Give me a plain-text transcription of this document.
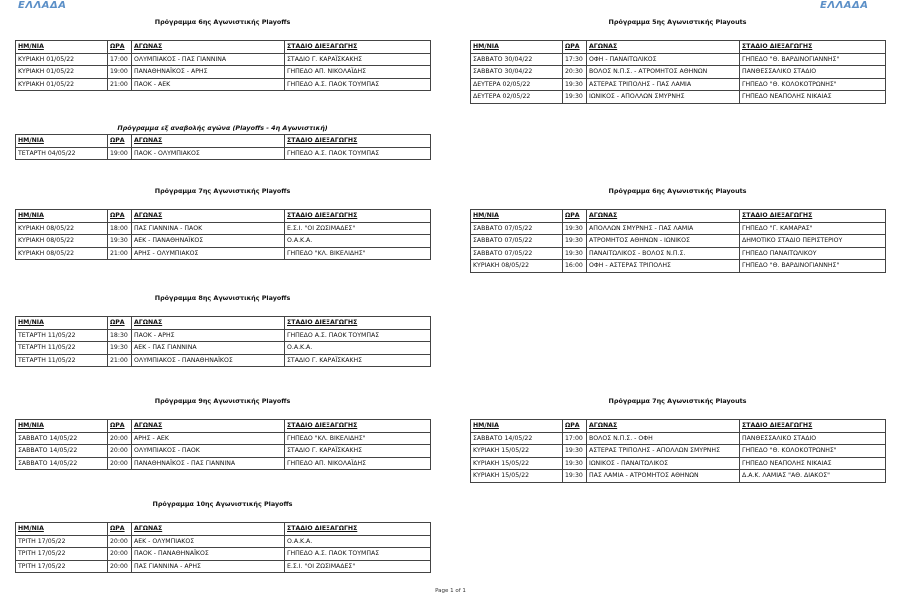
ΕΛΛΑΔΑ	ΕΛΛΑΔΑ
Πρόγραμμα 6ης Αγωνιστικής Playoffs
ΗΜ/ΝΙΑ	ΩΡΑ	ΑΓΩΝΑΣ	ΣΤΑΔΙΟ ΔΙΕΞΑΓΩΓΗΣ
ΚΥΡΙΑΚΗ 01/05/22	17:00	ΟΛΥΜΠΙΑΚΟΣ - ΠΑΣ ΓΙΑΝΝΙΝΑ	ΣΤΑΔΙΟ Γ. ΚΑΡΑΪΣΚΑΚΗΣ
ΚΥΡΙΑΚΗ 01/05/22	19:00	ΠΑΝΑΘΗΝΑΪΚΟΣ - ΑΡΗΣ	ΓΗΠΕΔΟ ΑΠ. ΝΙΚΟΛΑΪΔΗΣ
ΚΥΡΙΑΚΗ 01/05/22	21:00	ΠΑΟΚ - ΑΕΚ	ΓΗΠΕΔΟ Α.Σ. ΠΑΟΚ ΤΟΥΜΠΑΣ
Πρόγραμμα 5ης Αγωνιστικής Playouts
ΗΜ/ΝΙΑ	ΩΡΑ	ΑΓΩΝΑΣ	ΣΤΑΔΙΟ ΔΙΕΞΑΓΩΓΗΣ
ΣΑΒΒΑΤΟ 30/04/22	17:30	ΟΦΗ - ΠΑΝΑΙΤΩΛΙΚΟΣ	ΓΗΠΕΔΟ "Θ. ΒΑΡΔΙΝΟΓΙΑΝΝΗΣ"
ΣΑΒΒΑΤΟ 30/04/22	20:30	ΒΟΛΟΣ Ν.Π.Σ. - ΑΤΡΟΜΗΤΟΣ ΑΘΗΝΩΝ	ΠΑΝΘΕΣΣΑΛΙΚΟ ΣΤΑΔΙΟ
ΔΕΥΤΕΡΑ 02/05/22	19:30	ΑΣΤΕΡΑΣ ΤΡΙΠΟΛΗΣ - ΠΑΣ ΛΑΜΙΑ	ΓΗΠΕΔΟ "Θ. ΚΟΛΟΚΟΤΡΩΝΗΣ"
ΔΕΥΤΕΡΑ 02/05/22	19:30	ΙΩΝΙΚΟΣ - ΑΠΟΛΛΩΝ ΣΜΥΡΝΗΣ	ΓΗΠΕΔΟ ΝΕΑΠΟΛΗΣ ΝΙΚΑΙΑΣ
Πρόγραμμα εξ αναβολής αγώνα (Playoffs - 4η Αγωνιστική)
ΗΜ/ΝΙΑ	ΩΡΑ	ΑΓΩΝΑΣ	ΣΤΑΔΙΟ ΔΙΕΞΑΓΩΓΗΣ
ΤΕΤΑΡΤΗ 04/05/22	19:00	ΠΑΟΚ - ΟΛΥΜΠΙΑΚΟΣ	ΓΗΠΕΔΟ Α.Σ. ΠΑΟΚ ΤΟΥΜΠΑΣ
Πρόγραμμα 7ης Αγωνιστικής Playoffs
ΗΜ/ΝΙΑ	ΩΡΑ	ΑΓΩΝΑΣ	ΣΤΑΔΙΟ ΔΙΕΞΑΓΩΓΗΣ
ΚΥΡΙΑΚΗ 08/05/22	18:00	ΠΑΣ ΓΙΑΝΝΙΝΑ - ΠΑΟΚ	Ε.Σ.Ι. "ΟΙ ΖΩΣΙΜΑΔΕΣ"
ΚΥΡΙΑΚΗ 08/05/22	19:30	ΑΕΚ - ΠΑΝΑΘΗΝΑΪΚΟΣ	Ο.Α.Κ.Α.
ΚΥΡΙΑΚΗ 08/05/22	21:00	ΑΡΗΣ - ΟΛΥΜΠΙΑΚΟΣ	ΓΗΠΕΔΟ "ΚΛ. ΒΙΚΕΛΙΔΗΣ"
Πρόγραμμα 6ης Αγωνιστικής Playouts
ΗΜ/ΝΙΑ	ΩΡΑ	ΑΓΩΝΑΣ	ΣΤΑΔΙΟ ΔΙΕΞΑΓΩΓΗΣ
ΣΑΒΒΑΤΟ 07/05/22	19:30	ΑΠΟΛΛΩΝ ΣΜΥΡΝΗΣ - ΠΑΣ ΛΑΜΙΑ	ΓΗΠΕΔΟ "Γ. ΚΑΜΑΡΑΣ"
ΣΑΒΒΑΤΟ 07/05/22	19:30	ΑΤΡΟΜΗΤΟΣ ΑΘΗΝΩΝ - ΙΩΝΙΚΟΣ	ΔΗΜΟΤΙΚΟ ΣΤΑΔΙΟ ΠΕΡΙΣΤΕΡΙΟΥ
ΣΑΒΒΑΤΟ 07/05/22	19:30	ΠΑΝΑΙΤΩΛΙΚΟΣ - ΒΟΛΟΣ Ν.Π.Σ.	ΓΗΠΕΔΟ ΠΑΝΑΙΤΩΛΙΚΟΥ
ΚΥΡΙΑΚΗ 08/05/22	16:00	ΟΦΗ - ΑΣΤΕΡΑΣ ΤΡΙΠΟΛΗΣ	ΓΗΠΕΔΟ "Θ. ΒΑΡΔΙΝΟΓΙΑΝΝΗΣ"
Πρόγραμμα 8ης Αγωνιστικής Playoffs
ΗΜ/ΝΙΑ	ΩΡΑ	ΑΓΩΝΑΣ	ΣΤΑΔΙΟ ΔΙΕΞΑΓΩΓΗΣ
ΤΕΤΑΡΤΗ 11/05/22	18:30	ΠΑΟΚ - ΑΡΗΣ	ΓΗΠΕΔΟ Α.Σ. ΠΑΟΚ ΤΟΥΜΠΑΣ
ΤΕΤΑΡΤΗ 11/05/22	19:30	ΑΕΚ - ΠΑΣ ΓΙΑΝΝΙΝΑ	Ο.Α.Κ.Α.
ΤΕΤΑΡΤΗ 11/05/22	21:00	ΟΛΥΜΠΙΑΚΟΣ - ΠΑΝΑΘΗΝΑΪΚΟΣ	ΣΤΑΔΙΟ Γ. ΚΑΡΑΪΣΚΑΚΗΣ
Πρόγραμμα 9ης Αγωνιστικής Playoffs
ΗΜ/ΝΙΑ	ΩΡΑ	ΑΓΩΝΑΣ	ΣΤΑΔΙΟ ΔΙΕΞΑΓΩΓΗΣ
ΣΑΒΒΑΤΟ 14/05/22	20:00	ΑΡΗΣ - ΑΕΚ	ΓΗΠΕΔΟ "ΚΛ. ΒΙΚΕΛΙΔΗΣ"
ΣΑΒΒΑΤΟ 14/05/22	20:00	ΟΛΥΜΠΙΑΚΟΣ - ΠΑΟΚ	ΣΤΑΔΙΟ Γ. ΚΑΡΑΪΣΚΑΚΗΣ
ΣΑΒΒΑΤΟ 14/05/22	20:00	ΠΑΝΑΘΗΝΑΪΚΟΣ - ΠΑΣ ΓΙΑΝΝΙΝΑ	ΓΗΠΕΔΟ ΑΠ. ΝΙΚΟΛΑΪΔΗΣ
Πρόγραμμα 7ης Αγωνιστικής Playouts
ΗΜ/ΝΙΑ	ΩΡΑ	ΑΓΩΝΑΣ	ΣΤΑΔΙΟ ΔΙΕΞΑΓΩΓΗΣ
ΣΑΒΒΑΤΟ 14/05/22	17:00	ΒΟΛΟΣ Ν.Π.Σ. - ΟΦΗ	ΠΑΝΘΕΣΣΑΛΙΚΟ ΣΤΑΔΙΟ
ΚΥΡΙΑΚΗ 15/05/22	19:30	ΑΣΤΕΡΑΣ ΤΡΙΠΟΛΗΣ - ΑΠΟΛΛΩΝ ΣΜΥΡΝΗΣ	ΓΗΠΕΔΟ "Θ. ΚΟΛΟΚΟΤΡΩΝΗΣ"
ΚΥΡΙΑΚΗ 15/05/22	19:30	ΙΩΝΙΚΟΣ - ΠΑΝΑΙΤΩΛΙΚΟΣ	ΓΗΠΕΔΟ ΝΕΑΠΟΛΗΣ ΝΙΚΑΙΑΣ
ΚΥΡΙΑΚΗ 15/05/22	19:30	ΠΑΣ ΛΑΜΙΑ - ΑΤΡΟΜΗΤΟΣ ΑΘΗΝΩΝ	Δ.Α.Κ. ΛΑΜΙΑΣ "ΑΘ. ΔΙΑΚΟΣ"
Πρόγραμμα 10ης Αγωνιστικής Playoffs
ΗΜ/ΝΙΑ	ΩΡΑ	ΑΓΩΝΑΣ	ΣΤΑΔΙΟ ΔΙΕΞΑΓΩΓΗΣ
ΤΡΙΤΗ 17/05/22	20:00	ΑΕΚ - ΟΛΥΜΠΙΑΚΟΣ	Ο.Α.Κ.Α.
ΤΡΙΤΗ 17/05/22	20:00	ΠΑΟΚ - ΠΑΝΑΘΗΝΑΪΚΟΣ	ΓΗΠΕΔΟ Α.Σ. ΠΑΟΚ ΤΟΥΜΠΑΣ
ΤΡΙΤΗ 17/05/22	20:00	ΠΑΣ ΓΙΑΝΝΙΝΑ - ΑΡΗΣ	Ε.Σ.Ι. "ΟΙ ΖΩΣΙΜΑΔΕΣ"
Page 1 of 1
